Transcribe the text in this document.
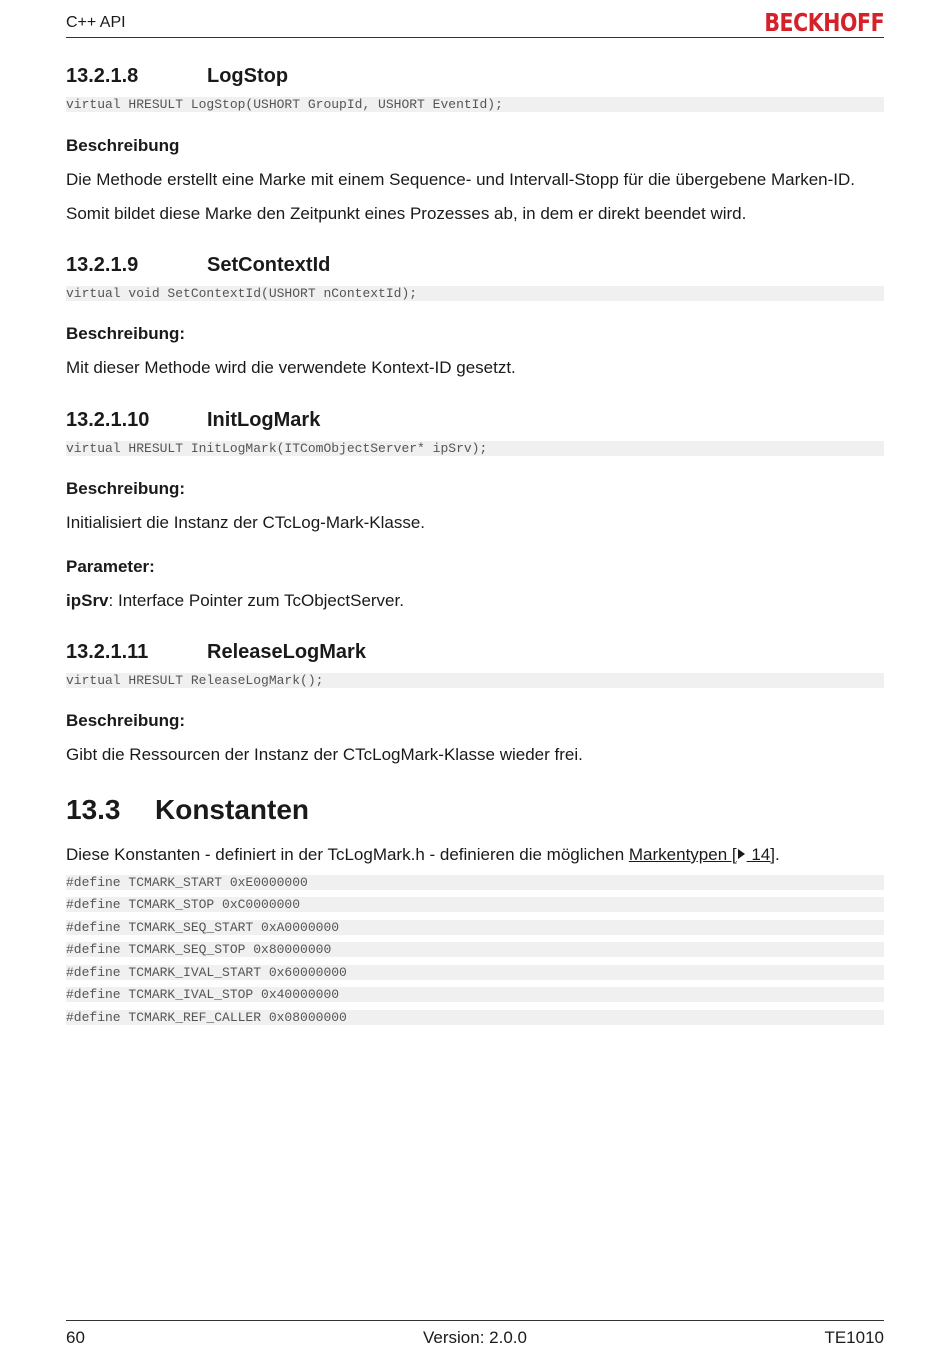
C++ API	BECKHOFF
13.2.1.8	LogStop
virtual HRESULT LogStop(USHORT GroupId, USHORT EventId);
Beschreibung
Die Methode erstellt eine Marke mit einem Sequence- und Intervall-Stopp für die übergebene Marken-ID.
Somit bildet diese Marke den Zeitpunkt eines Prozesses ab, in dem er direkt beendet wird.
13.2.1.9	SetContextId
virtual void SetContextId(USHORT nContextId);
Beschreibung:
Mit dieser Methode wird die verwendete Kontext-ID gesetzt.
13.2.1.10	InitLogMark
virtual HRESULT InitLogMark(ITComObjectServer* ipSrv);
Beschreibung:
Initialisiert die Instanz der CTcLog-Mark-Klasse.
Parameter:
ipSrv: Interface Pointer zum TcObjectServer.
13.2.1.11	ReleaseLogMark
virtual HRESULT ReleaseLogMark();
Beschreibung:
Gibt die Ressourcen der Instanz der CTcLogMark-Klasse wieder frei.
13.3 Konstanten
Diese Konstanten - definiert in der TcLogMark.h - definieren die möglichen Markentypen [ 14].
#define TCMARK_START 0xE0000000
#define TCMARK_STOP 0xC0000000
#define TCMARK_SEQ_START 0xA0000000
#define TCMARK_SEQ_STOP 0x80000000
#define TCMARK_IVAL_START 0x60000000
#define TCMARK_IVAL_STOP 0x40000000
#define TCMARK_REF_CALLER 0x08000000
60	Version: 2.0.0	TE1010
